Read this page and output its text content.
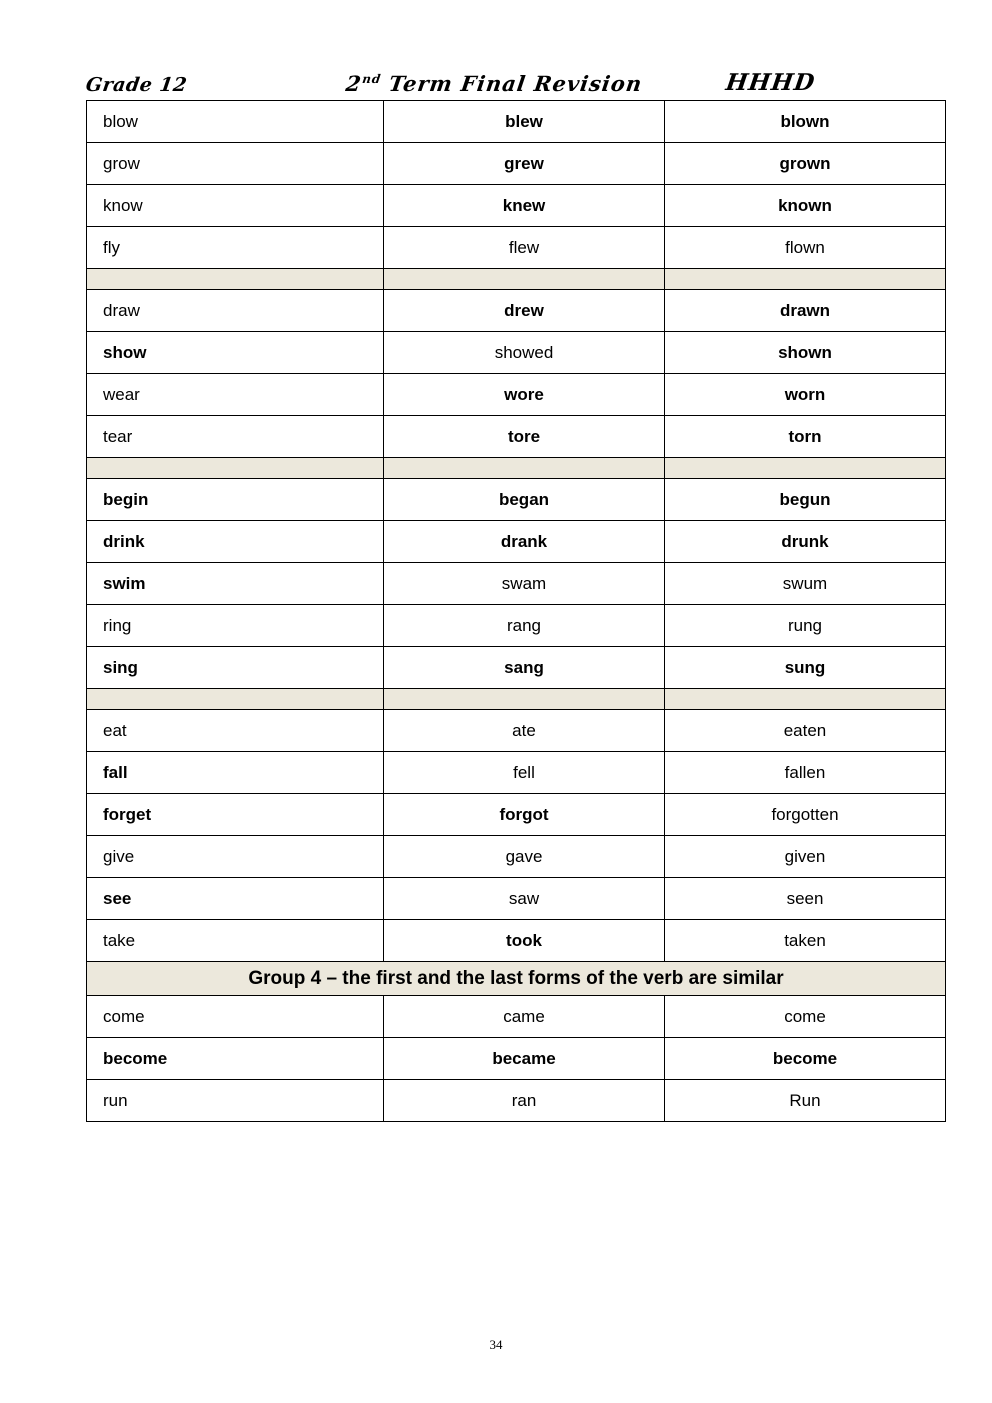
Grade 12	2nd Term Final Revision	HHHD
blow	blew	blown
grow	grew	grown
know	knew	known
fly	flew	flown

draw	drew	drawn
show	showed	shown
wear	wore	worn
tear	tore	torn

begin	began	begun
drink	drank	drunk
swim	swam	swum
ring	rang	rung
sing	sang	sung

eat	ate	eaten
fall	fell	fallen
forget	forgot	forgotten
give	gave	given
see	saw	seen
take	took	taken
Group 4 – the first and the last forms of the verb are similar		
come	came	come
become	became	become
run	ran	Run
34
